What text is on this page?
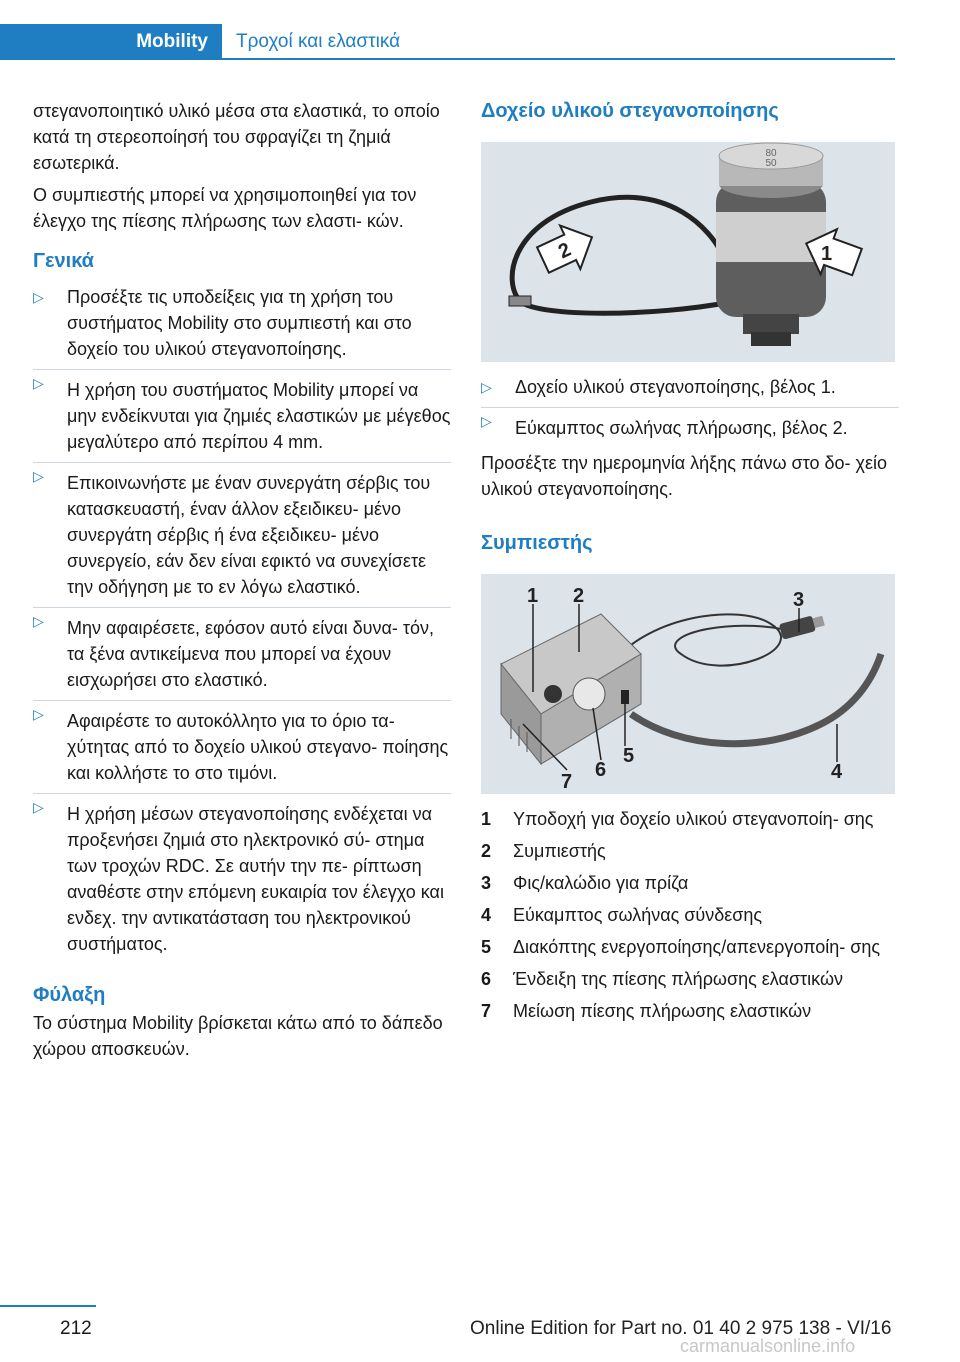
Mobility	Τροχοί και ελαστικά

στεγανοποιητικό υλικό μέσα στα ελαστικά, το οποίο κατά τη στερεοποίησή του σφραγίζει τη ζημιά εσωτερικά.

Ο συμπιεστής μπορεί να χρησιμοποιηθεί για τον έλεγχο της πίεσης πλήρωσης των ελαστι‐ κών.

Γενικά
▷ Προσέξτε τις υποδείξεις για τη χρήση του συστήματος Mobility στο συμπιεστή και στο δοχείο του υλικού στεγανοποίησης.
▷ Η χρήση του συστήματος Mobility μπορεί να μην ενδείκνυται για ζημιές ελαστικών με μέγεθος μεγαλύτερο από περίπου 4 mm.
▷ Επικοινωνήστε με έναν συνεργάτη σέρβις του κατασκευαστή, έναν άλλον εξειδικευ‐ μένο συνεργάτη σέρβις ή ένα εξειδικευ‐ μένο συνεργείο, εάν δεν είναι εφικτό να συνεχίσετε την οδήγηση με το εν λόγω ελαστικό.
▷ Μην αφαιρέσετε, εφόσον αυτό είναι δυνα‐ τόν, τα ξένα αντικείμενα που μπορεί να έχουν εισχωρήσει στο ελαστικό.
▷ Αφαιρέστε το αυτοκόλλητο για το όριο τα‐ χύτητας από το δοχείο υλικού στεγανο‐ ποίησης και κολλήστε το στο τιμόνι.
▷ Η χρήση μέσων στεγανοποίησης ενδέχεται να προξενήσει ζημιά στο ηλεκτρονικό σύ‐ στημα των τροχών RDC. Σε αυτήν την πε‐ ρίπτωση αναθέστε στην επόμενη ευκαιρία τον έλεγχο και ενδεχ. την αντικατάσταση του ηλεκτρονικού συστήματος.
Φύλαξη

Το σύστημα Mobility βρίσκεται κάτω από το δάπεδο χώρου αποσκευών.

Δοχείο υλικού στεγανοποίησης
80
50
2	1
▷ Δοχείο υλικού στεγανοποίησης, βέλος 1.
▷ Εύκαμπτος σωλήνας πλήρωσης, βέλος 2.

Προσέξτε την ημερομηνία λήξης πάνω στο δο‐ χείο υλικού στεγανοποίησης.

Συμπιεστής
1 2	3
4
5
6
7
1 Υποδοχή για δοχείο υλικού στεγανοποίη‐ σης
2 Συμπιεστής
3 Φις/καλώδιο για πρίζα
4 Εύκαμπτος σωλήνας σύνδεσης
5 Διακόπτης ενεργοποίησης/απενεργοποίη‐ σης
6 Ένδειξη της πίεσης πλήρωσης ελαστικών
7 Μείωση πίεσης πλήρωσης ελαστικών
212	Online Edition for Part no. 01 40 2 975 138 - VI/16
carmanualsonline.info
